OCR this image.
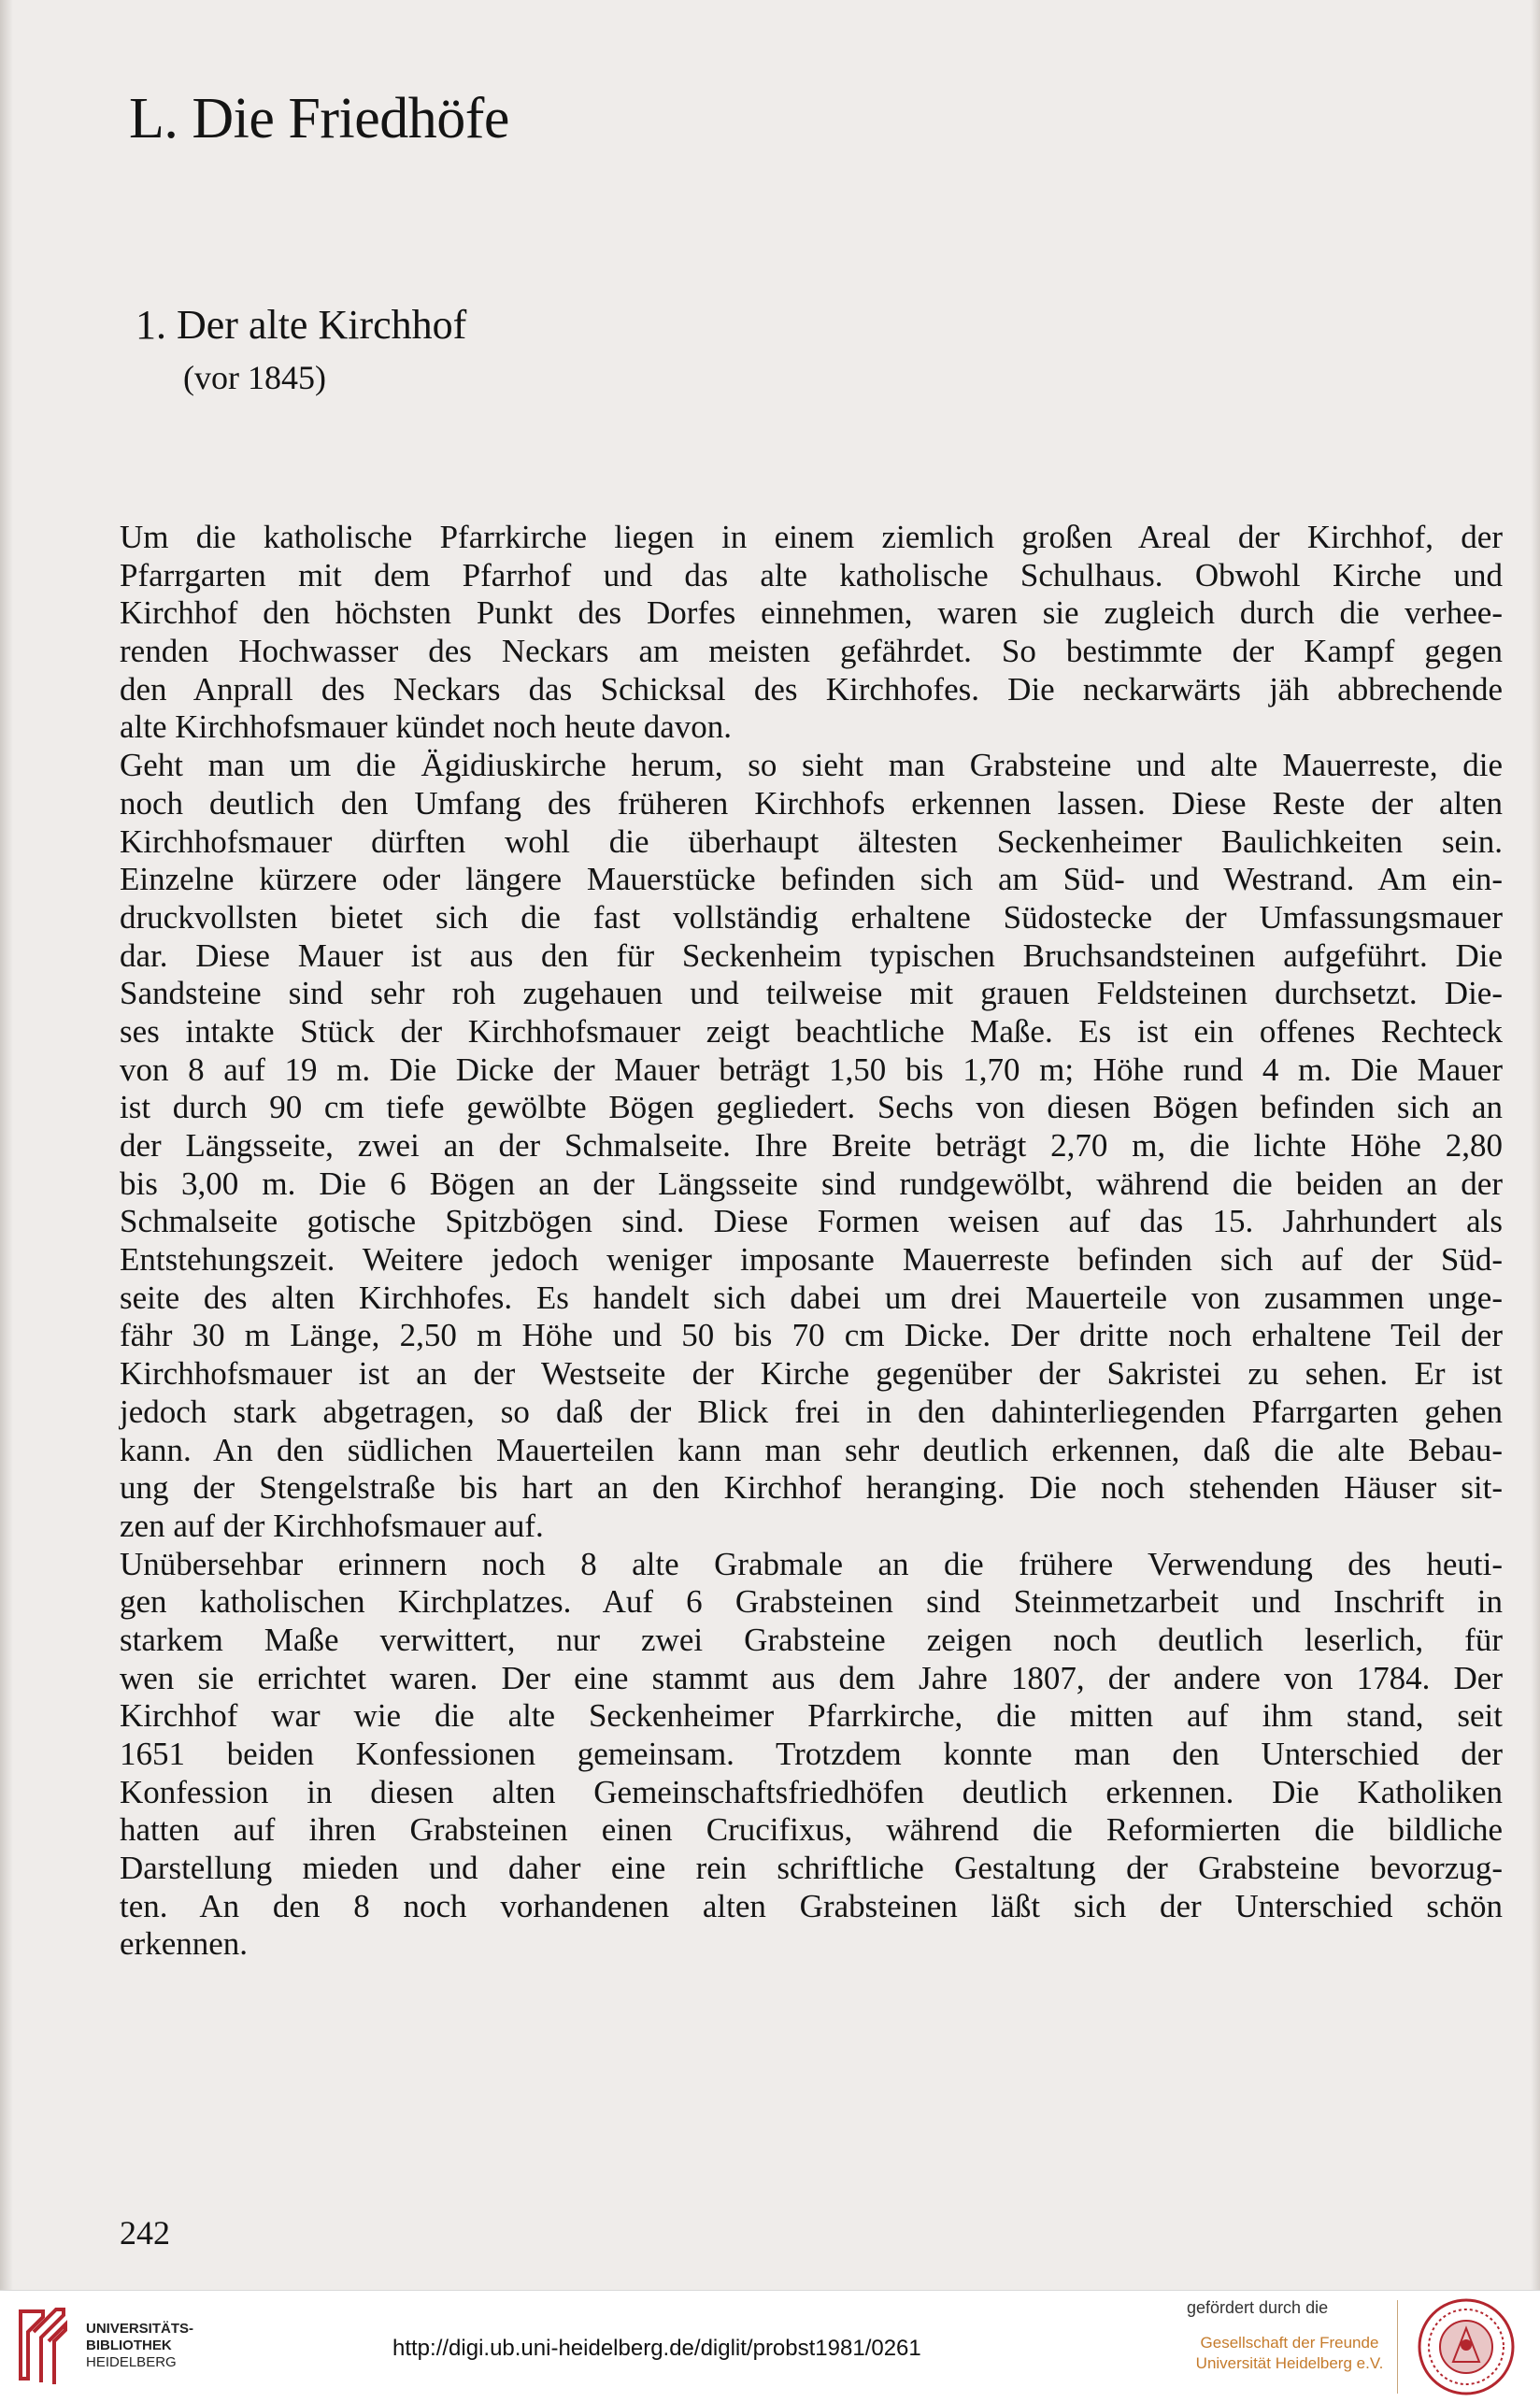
L. Die Friedhöfe
1. Der alte Kirchhof
(vor 1845)
Um die katholische Pfarrkirche liegen in einem ziemlich großen Areal der Kirchhof, der
Pfarrgarten mit dem Pfarrhof und das alte katholische Schulhaus. Obwohl Kirche und
Kirchhof den höchsten Punkt des Dorfes einnehmen, waren sie zugleich durch die verhee-
renden Hochwasser des Neckars am meisten gefährdet. So bestimmte der Kampf gegen
den Anprall des Neckars das Schicksal des Kirchhofes. Die neckarwärts jäh abbrechende
alte Kirchhofsmauer kündet noch heute davon.
Geht man um die Ägidiuskirche herum, so sieht man Grabsteine und alte Mauerreste, die
noch deutlich den Umfang des früheren Kirchhofs erkennen lassen. Diese Reste der alten
Kirchhofsmauer dürften wohl die überhaupt ältesten Seckenheimer Baulichkeiten sein.
Einzelne kürzere oder längere Mauerstücke befinden sich am Süd- und Westrand. Am ein-
druckvollsten bietet sich die fast vollständig erhaltene Südostecke der Umfassungsmauer
dar. Diese Mauer ist aus den für Seckenheim typischen Bruchsandsteinen aufgeführt. Die
Sandsteine sind sehr roh zugehauen und teilweise mit grauen Feldsteinen durchsetzt. Die-
ses intakte Stück der Kirchhofsmauer zeigt beachtliche Maße. Es ist ein offenes Rechteck
von 8 auf 19 m. Die Dicke der Mauer beträgt 1,50 bis 1,70 m; Höhe rund 4 m. Die Mauer
ist durch 90 cm tiefe gewölbte Bögen gegliedert. Sechs von diesen Bögen befinden sich an
der Längsseite, zwei an der Schmalseite. Ihre Breite beträgt 2,70 m, die lichte Höhe 2,80
bis 3,00 m. Die 6 Bögen an der Längsseite sind rundgewölbt, während die beiden an der
Schmalseite gotische Spitzbögen sind. Diese Formen weisen auf das 15. Jahrhundert als
Entstehungszeit. Weitere jedoch weniger imposante Mauerreste befinden sich auf der Süd-
seite des alten Kirchhofes. Es handelt sich dabei um drei Mauerteile von zusammen unge-
fähr 30 m Länge, 2,50 m Höhe und 50 bis 70 cm Dicke. Der dritte noch erhaltene Teil der
Kirchhofsmauer ist an der Westseite der Kirche gegenüber der Sakristei zu sehen. Er ist
jedoch stark abgetragen, so daß der Blick frei in den dahinterliegenden Pfarrgarten gehen
kann. An den südlichen Mauerteilen kann man sehr deutlich erkennen, daß die alte Bebau-
ung der Stengelstraße bis hart an den Kirchhof heranging. Die noch stehenden Häuser sit-
zen auf der Kirchhofsmauer auf.
Unübersehbar erinnern noch 8 alte Grabmale an die frühere Verwendung des heuti-
gen katholischen Kirchplatzes. Auf 6 Grabsteinen sind Steinmetzarbeit und Inschrift in
starkem Maße verwittert, nur zwei Grabsteine zeigen noch deutlich leserlich, für
wen sie errichtet waren. Der eine stammt aus dem Jahre 1807, der andere von 1784. Der
Kirchhof war wie die alte Seckenheimer Pfarrkirche, die mitten auf ihm stand, seit
1651 beiden Konfessionen gemeinsam. Trotzdem konnte man den Unterschied der
Konfession in diesen alten Gemeinschaftsfriedhöfen deutlich erkennen. Die Katholiken
hatten auf ihren Grabsteinen einen Crucifixus, während die Reformierten die bildliche
Darstellung mieden und daher eine rein schriftliche Gestaltung der Grabsteine bevorzug-
ten. An den 8 noch vorhandenen alten Grabsteinen läßt sich der Unterschied schön
erkennen.
242
UNIVERSITÄTS-
BIBLIOTHEK
HEIDELBERG
http://digi.ub.uni-heidelberg.de/diglit/probst1981/0261
gefördert durch die
Gesellschaft der Freunde
Universität Heidelberg e.V.
